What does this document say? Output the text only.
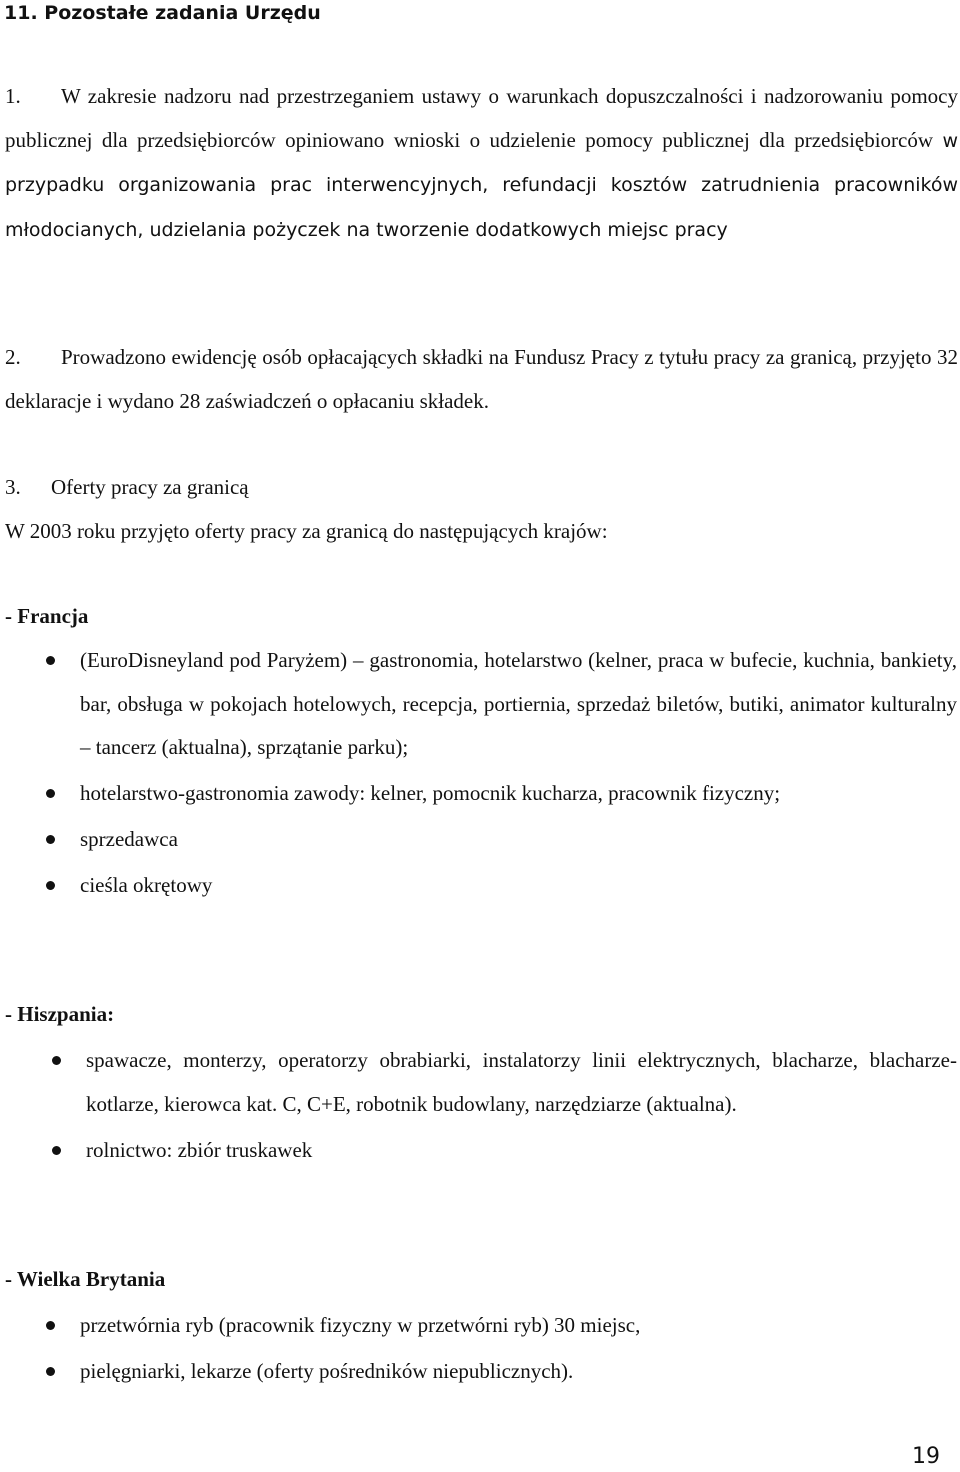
11. Pozostałe zadania Urzędu

1. W zakresie nadzoru nad przestrzeganiem ustawy o warunkach dopuszczalności i nadzorowaniu pomocy publicznej dla przedsiębiorców opiniowano wnioski o udzielenie pomocy publicznej dla przedsiębiorców w przypadku organizowania prac interwencyjnych, refundacji kosztów zatrudnienia pracowników młodocianych, udzielania pożyczek na tworzenie dodatkowych miejsc pracy

2. Prowadzono ewidencję osób opłacających składki na Fundusz Pracy z tytułu pracy za granicą, przyjęto 32 deklaracje i wydano 28 zaświadczeń o opłacaniu składek.

3. Oferty pracy za granicą
W 2003 roku przyjęto oferty pracy za granicą do następujących krajów:

- Francja

(EuroDisneyland pod Paryżem) – gastronomia, hotelarstwo (kelner, praca w bufecie, kuchnia, bankiety, bar, obsługa w pokojach hotelowych, recepcja, portiernia, sprzedaż biletów, butiki, animator kulturalny – tancerz (aktualna), sprzątanie parku);
hotelarstwo-gastronomia zawody: kelner, pomocnik kucharza, pracownik fizyczny;
sprzedawca
cieśla okrętowy

- Hiszpania:

spawacze, monterzy, operatorzy obrabiarki, instalatorzy linii elektrycznych, blacharze, blacharze-kotlarze, kierowca kat. C, C+E, robotnik budowlany, narzędziarze (aktualna).
rolnictwo: zbiór truskawek

- Wielka Brytania

przetwórnia ryb (pracownik fizyczny w przetwórni ryb) 30 miejsc,
pielęgniarki, lekarze (oferty pośredników niepublicznych).
19
